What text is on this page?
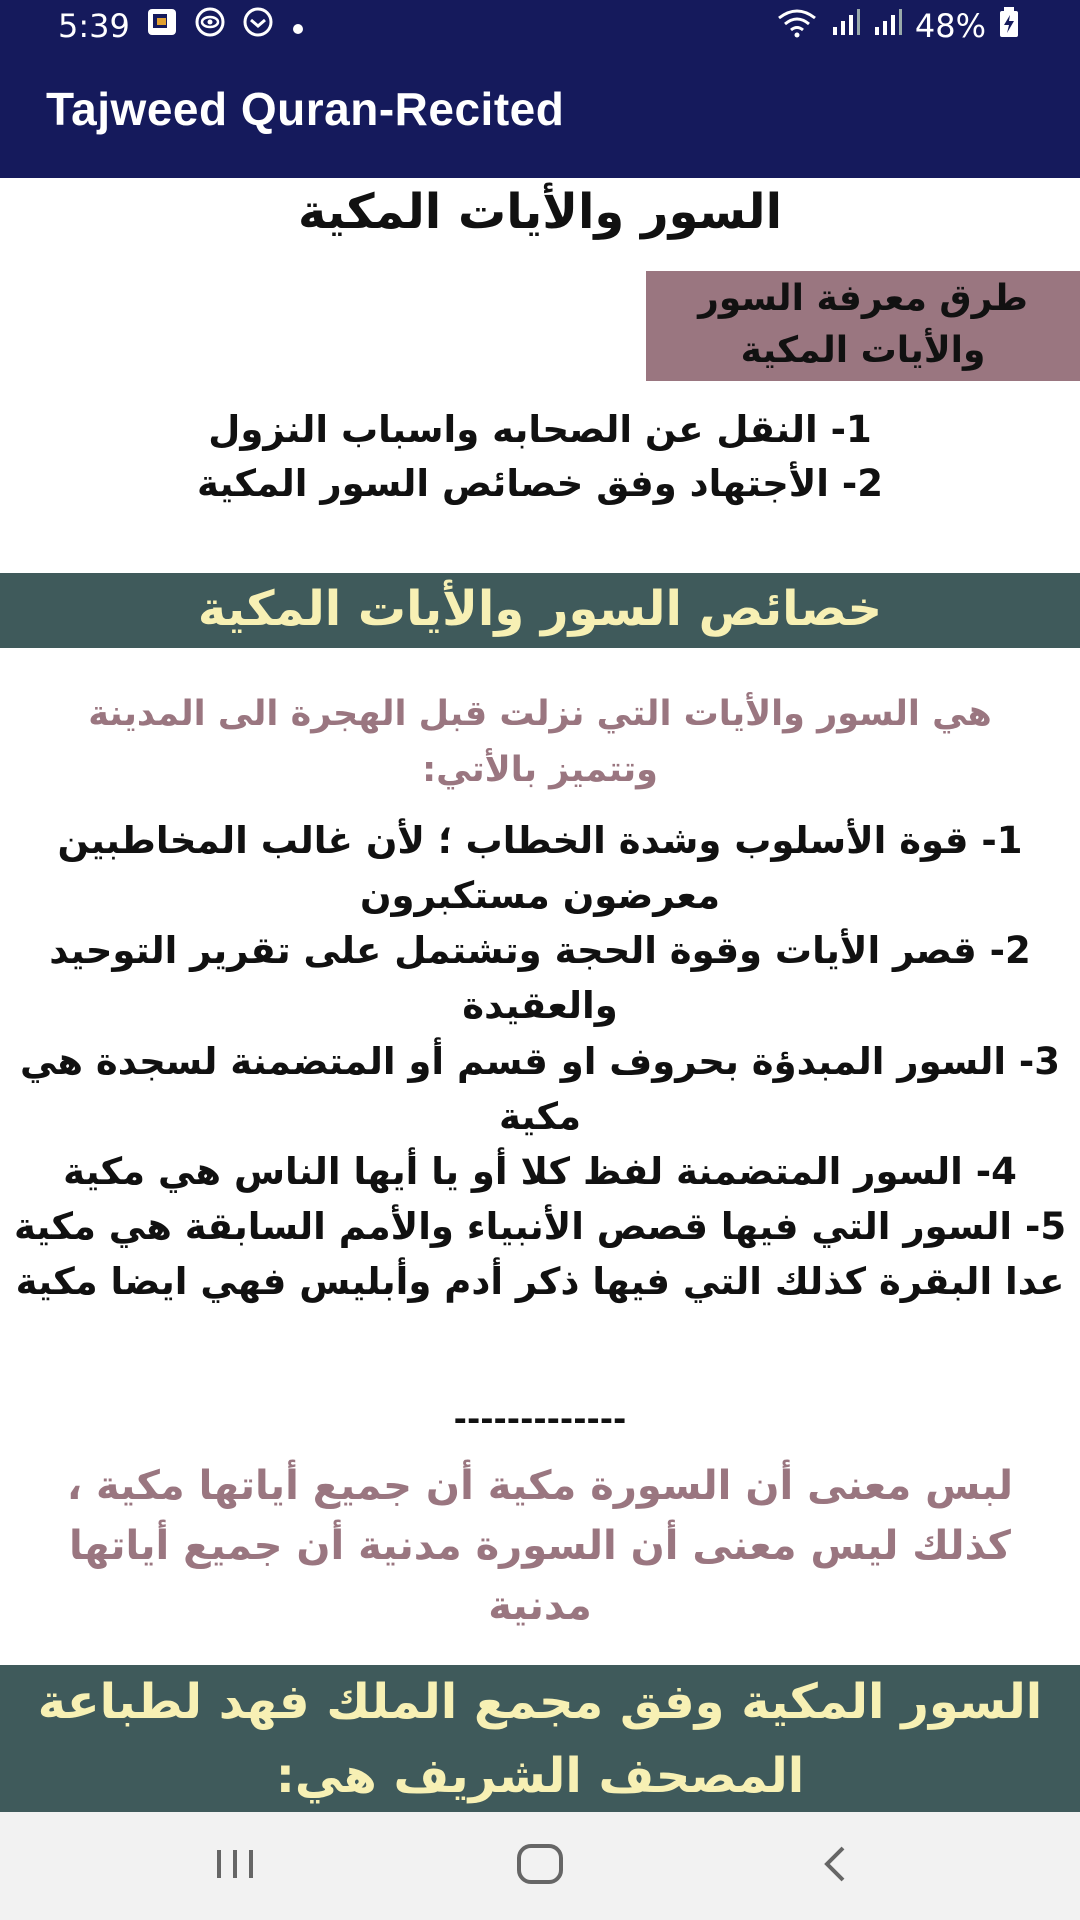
5:39	48%
Tajweed Quran-Recited
السور والأيات المكية
طرق معرفة السور
والأيات المكية
1- النقل عن الصحابه واسباب النزول
2- الأجتهاد وفق خصائص السور المكية
خصائص السور والأيات المكية
هي السور والأيات التي نزلت قبل الهجرة الى المدينة وتتميز بالأتي:

1- قوة الأسلوب وشدة الخطاب ؛ لأن غالب المخاطبين معرضون مستكبرون

2- قصر الأيات وقوة الحجة وتشتمل على تقرير التوحيد والعقيدة

3- السور المبدؤة بحروف او قسم أو المتضمنة لسجدة هي مكية

4- السور المتضمنة لفظ كلا أو يا أيها الناس هي مكية

5- السور التي فيها قصص الأنبياء والأمم السابقة هي مكية عدا البقرة كذلك التي فيها ذكر أدم وأبليس فهي ايضا مكية

-------------
لبس معنى أن السورة مكية أن جميع أياتها مكية ، كذلك ليس معنى أن السورة مدنية أن جميع أياتها مدنية
السور المكية وفق مجمع الملك فهد لطباعة المصحف الشريف هي:
